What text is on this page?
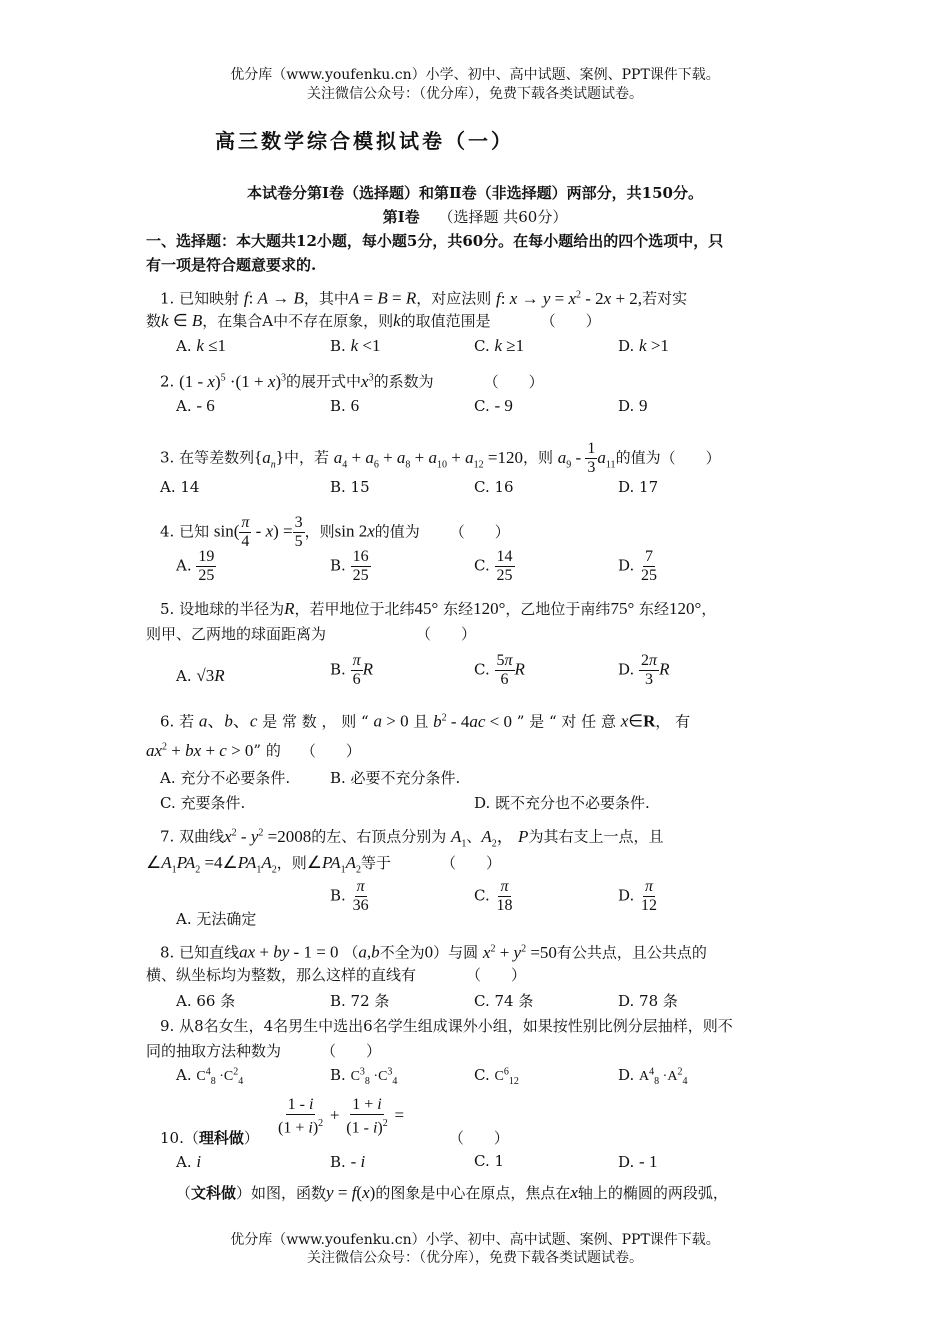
优分库（www.youfenku.cn）小学、初中、高中试题、案例、PPT课件下载。
关注微信公众号：（优分库），免费下载各类试题试卷。
高三数学综合模拟试卷（一）
本试卷分第Ⅰ卷（选择题）和第Ⅱ卷（非选择题）两部分，共150分。
第Ⅰ卷 （选择题 共60分）
一、选择题：本大题共12小题，每小题5分，共60分。在每小题给出的四个选项中，只
有一项是符合题意要求的.
1. 已知映射 f: A → B，其中A = B = R，对应法则 f: $x \to y = x^2 - 2x + 2$,若对实
数k ∈ B，在集合A中不存在原象，则k的取值范围是	（　　）
A. k ≤1	B. k <1	C. k ≥1	D. k >1
2. $(1 - x)^5 \cdot(1 + x)^3$的展开式中$x^3$的系数为	（　　）
A. - 6	B. 6	C. - 9	D. 9
3. 在等差数列$\{a_n\}$中，若 $a_4 + a_6 + a_8 + a_{10} + a_{12} =120$，则 $a_9 - \frac{1}{3} a_{11}$的值为（　　）
A. 14	B. 15	C. 16	D. 17
4. 已知 $\sin( \frac{\pi}{4} - x) = \frac{3}{5}$ ，则sin 2x的值为 （　　）
A. $\frac{19}{25}$	B. $\frac{16}{25}$	C. $\frac{14}{25}$	D. $\frac{7}{25}$
5. 设地球的半径为R，若甲地位于北纬45° 东经120°，乙地位于南纬75° 东经120°，
则甲、乙两地的球面距离为	（　　）
A. √3R	B. $\frac{\pi}{6}$ R	C. $\frac{5\pi}{6}$ R	D. $\frac{2\pi}{3}$ R
6. 若 a、b、c 是 常 数 ， 则 “ a > 0 且 $b^2 - 4ac < 0$ ” 是 “ 对 任 意 x∈R， 有
$ax^2$ + bx + c > 0” 的 （　　）
A. 充分不必要条件.	B. 必要不充分条件.
C. 充要条件.	D. 既不充分也不必要条件.
7. 双曲线$x^2 - y^2 =2008$的左、右顶点分别为 $A_1$、$A_2$， P为其右支上一点，且
$\angle A_1PA_2$ $=4\angle PA_1A_2$，则$\angle PA_1A_2$等于	（　　）
A. 无法确定
B. $\frac{\pi}{36}$	C. $\frac{\pi}{18}$	D. $\frac{\pi}{12}$
8. 已知直线ax + by - 1 = 0 （a,b不全为0）与圆 $x^2 + y^2 =50$有公共点，且公共点的
横、纵坐标均为整数，那么这样的直线有	（　　）
A. 66 条	B. 72 条	C. 74 条	D. 78 条
9. 从8名女生，4名男生中选出6名学生组成课外小组，如果按性别比例分层抽样，则不
同的抽取方法种数为	（　　）
A. $C^4_8 \cdot C^2_4$	B. $C^3_8 \cdot C^3_4$	C. $C^6_{12}$	D. $A^4_8 \cdot A^2_4$
$\frac{1 - i}{(1 + i)^2} + \frac{1 + i}{(1 - i)^2}$ =
10.（理科做）	（　　）
A. i	B. - i	C. 1	D. - 1
（文科做）如图，函数y = f(x)的图象是中心在原点，焦点在x轴上的椭圆的两段弧，
优分库（www.youfenku.cn）小学、初中、高中试题、案例、PPT课件下载。
关注微信公众号：（优分库），免费下载各类试题试卷。
